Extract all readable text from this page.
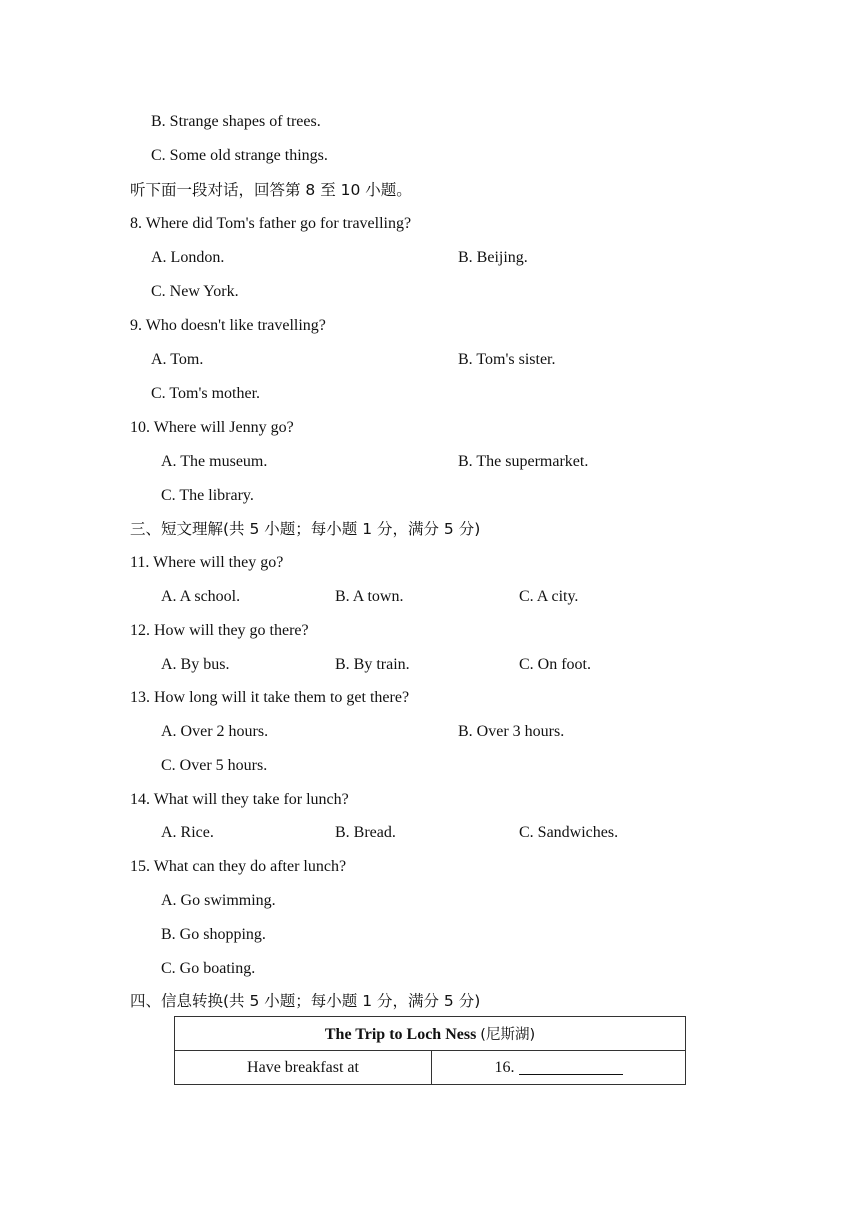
B. Strange shapes of trees.
C. Some old strange things.
听下面一段对话，回答第 8 至 10 小题。
8. Where did Tom's father go for travelling?
A. London.	B. Beijing.
C. New York.
9. Who doesn't like travelling?
A. Tom.	B. Tom's sister.
C. Tom's mother.
10. Where will Jenny go?
A. The museum.	B. The supermarket.
C. The library.
三、短文理解(共 5 小题；每小题 1 分，满分 5 分)
11. Where will they go?
A. A school.	B. A town.	C. A city.
12. How will they go there?
A. By bus.	B. By train.	C. On foot.
13. How long will it take them to get there?
A. Over 2 hours.	B. Over 3 hours.
C. Over 5 hours.
14. What will they take for lunch?
A. Rice.	B. Bread.	C. Sandwiches.
15. What can they do after lunch?
A. Go swimming.
B. Go shopping.
C. Go boating.
四、信息转换(共 5 小题；每小题 1 分，满分 5 分)
The Trip to Loch Ness (尼斯湖)
Have breakfast at	16.
